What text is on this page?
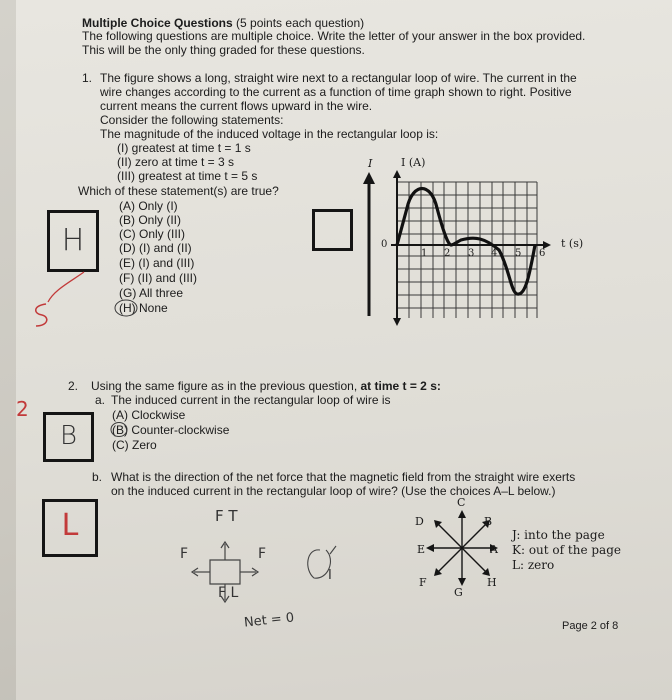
Multiple Choice Questions (5 points each question)
The following questions are multiple choice. Write the letter of your answer in the box provided.
This will be the only thing graded for these questions.
1. The figure shows a long, straight wire next to a rectangular loop of wire. The current in the
wire changes according to the current as a function of time graph shown to right. Positive
current means the current flows upward in the wire.
Consider the following statements:
The magnitude of the induced voltage in the rectangular loop is:
(I) greatest at time t = 1 s
(II) zero at time t = 3 s
(III) greatest at time t = 5 s
Which of these statement(s) are true?
(A) Only (I)
(B) Only (II)
(C) Only (III)
(D) (I) and (II)
(E) (I) and (III)
(F) (II) and (III)
(G) All three
(H) None
H
I	I (A)
t (s)
0
1 2 3 4 5 6
2. Using the same figure as in the previous question, at time t = 2 s:
2	a. The induced current in the rectangular loop of wire is
(A) Clockwise
(B) Counter-clockwise
(C) Zero
B
b. What is the direction of the net force that the magnetic field from the straight wire exerts
on the induced current in the rectangular loop of wire? (Use the choices A–L below.)
L	F T
F	F
F L
I
Net = 0
C
D	B
E	A
F	H
G
J: into the page
K: out of the page
L: zero
Page 2 of 8
